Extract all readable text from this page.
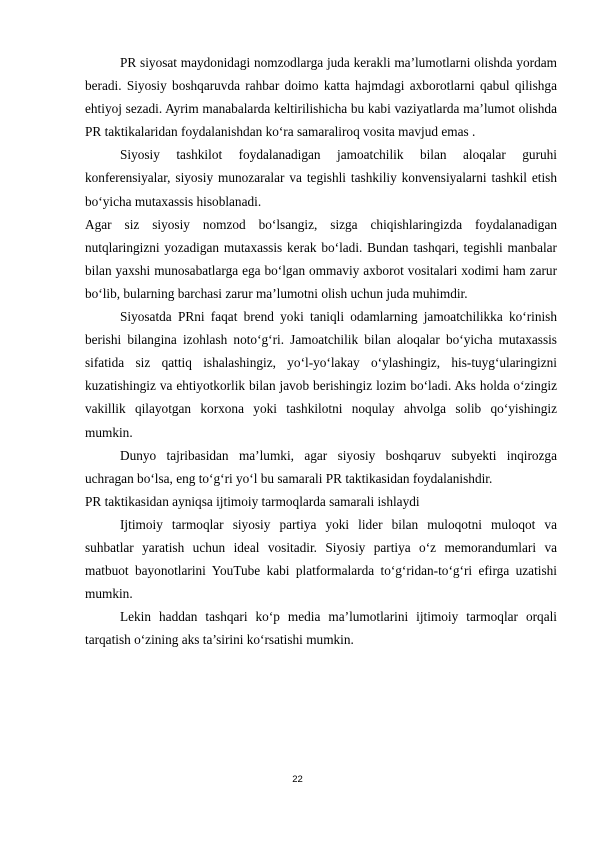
PR siyosat maydonidagi nomzodlarga juda kerakli ma’lumotlarni olishda yordam beradi. Siyosiy boshqaruvda rahbar doimo katta hajmdagi axborotlarni qabul qilishga ehtiyoj sezadi. Ayrim manabalarda keltirilishicha bu kabi vaziyatlarda ma’lumot olishda PR taktikalaridan foydalanishdan ko‘ra samaraliroq vosita mavjud emas .

Siyosiy tashkilot foydalanadigan jamoatchilik bilan aloqalar guruhi konferensiyalar, siyosiy munozaralar va tegishli tashkiliy konvensiyalarni tashkil etish bo‘yicha mutaxassis hisoblanadi.

Agar siz siyosiy nomzod bo‘lsangiz, sizga chiqishlaringizda foydalanadigan nutqlaringizni yozadigan mutaxassis kerak bo‘ladi. Bundan tashqari, tegishli manbalar bilan yaxshi munosabatlarga ega bo‘lgan ommaviy axborot vositalari xodimi ham zarur bo‘lib, bularning barchasi zarur ma’lumotni olish uchun juda muhimdir.

Siyosatda PRni faqat brend yoki taniqli odamlarning jamoatchilikka ko‘rinish berishi bilangina izohlash noto‘g‘ri. Jamoatchilik bilan aloqalar bo‘yicha mutaxassis sifatida siz qattiq ishalashingiz, yo‘l-yo‘lakay o‘ylashingiz, his-tuyg‘ularingizni kuzatishingiz va ehtiyotkorlik bilan javob berishingiz lozim bo‘ladi. Aks holda o‘zingiz vakillik qilayotgan korxona yoki tashkilotni noqulay ahvolga solib qo‘yishingiz mumkin.

Dunyo tajribasidan ma’lumki, agar siyosiy boshqaruv subyekti inqirozga uchragan bo‘lsa, eng to‘g‘ri yo‘l bu samarali PR taktikasidan foydalanishdir.

PR taktikasidan ayniqsa ijtimoiy tarmoqlarda samarali ishlaydi

Ijtimoiy tarmoqlar siyosiy partiya yoki lider bilan muloqotni muloqot va suhbatlar yaratish uchun ideal vositadir. Siyosiy partiya o‘z memorandumlari va matbuot bayonotlarini YouTube kabi platformalarda to‘g‘ridan-to‘g‘ri efirga uzatishi mumkin.

Lekin haddan tashqari ko‘p media ma’lumotlarini ijtimoiy tarmoqlar orqali tarqatish o‘zining aks ta’sirini ko‘rsatishi mumkin.

22
